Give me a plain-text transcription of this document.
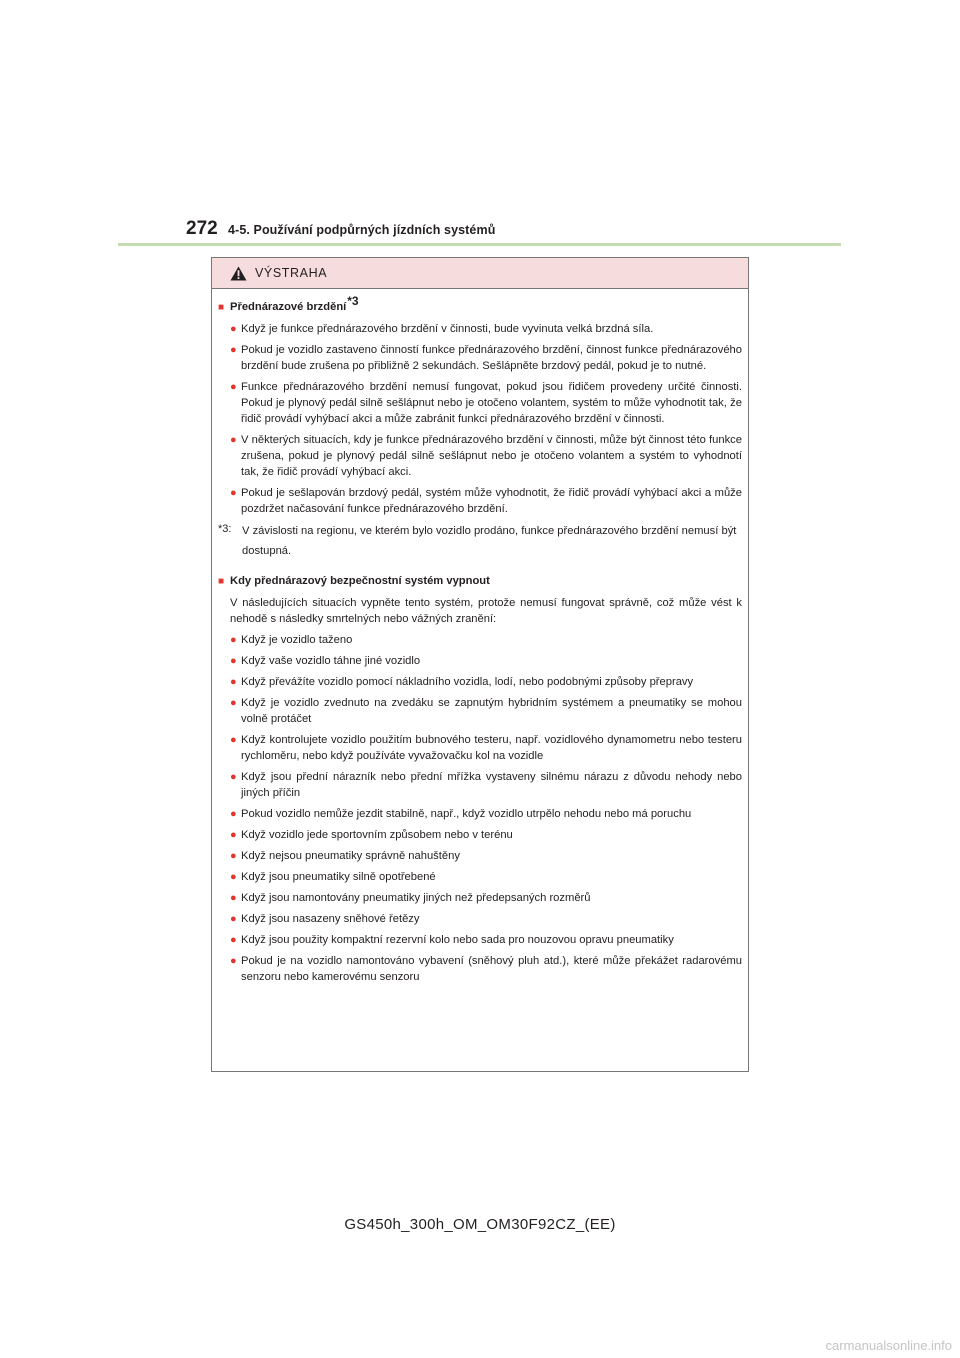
272 4-5. Používání podpůrných jízdních systémů
VÝSTRAHA
■ Přednárazové brzdění*3
● Když je funkce přednárazového brzdění v činnosti, bude vyvinuta velká brzdná síla.
● Pokud je vozidlo zastaveno činností funkce přednárazového brzdění, činnost funkce přednárazového brzdění bude zrušena po přibližně 2 sekundách. Sešlápněte brzdový pedál, pokud je to nutné.
● Funkce přednárazového brzdění nemusí fungovat, pokud jsou řidičem provedeny určité činnosti. Pokud je plynový pedál silně sešlápnut nebo je otočeno volantem, systém to může vyhodnotit tak, že řidič provádí vyhýbací akci a může zabránit funkci přednárazového brzdění v činnosti.
● V některých situacích, kdy je funkce přednárazového brzdění v činnosti, může být činnost této funkce zrušena, pokud je plynový pedál silně sešlápnut nebo je otočeno volantem a systém to vyhodnotí tak, že řidič provádí vyhýbací akci.
● Pokud je sešlapován brzdový pedál, systém může vyhodnotit, že řidič provádí vyhýbací akci a může pozdržet načasování funkce přednárazového brzdění.
*3: V závislosti na regionu, ve kterém bylo vozidlo prodáno, funkce přednárazového brzdění nemusí být dostupná.
■ Kdy přednárazový bezpečnostní systém vypnout
V následujících situacích vypněte tento systém, protože nemusí fungovat správně, což může vést k nehodě s následky smrtelných nebo vážných zranění:
● Když je vozidlo taženo
● Když vaše vozidlo táhne jiné vozidlo
● Když převážíte vozidlo pomocí nákladního vozidla, lodí, nebo podobnými způsoby přepravy
● Když je vozidlo zvednuto na zvedáku se zapnutým hybridním systémem a pneumatiky se mohou volně protáčet
● Když kontrolujete vozidlo použitím bubnového testeru, např. vozidlového dynamometru nebo testeru rychloměru, nebo když používáte vyvažovačku kol na vozidle
● Když jsou přední nárazník nebo přední mřížka vystaveny silnému nárazu z důvodu nehody nebo jiných příčin
● Pokud vozidlo nemůže jezdit stabilně, např., když vozidlo utrpělo nehodu nebo má poruchu
● Když vozidlo jede sportovním způsobem nebo v terénu
● Když nejsou pneumatiky správně nahuštěny
● Když jsou pneumatiky silně opotřebené
● Když jsou namontovány pneumatiky jiných než předepsaných rozměrů
● Když jsou nasazeny sněhové řetězy
● Když jsou použity kompaktní rezervní kolo nebo sada pro nouzovou opravu pneumatiky
● Pokud je na vozidlo namontováno vybavení (sněhový pluh atd.), které může překážet radarovému senzoru nebo kamerovému senzoru
GS450h_300h_OM_OM30F92CZ_(EE)
carmanualsonline.info
